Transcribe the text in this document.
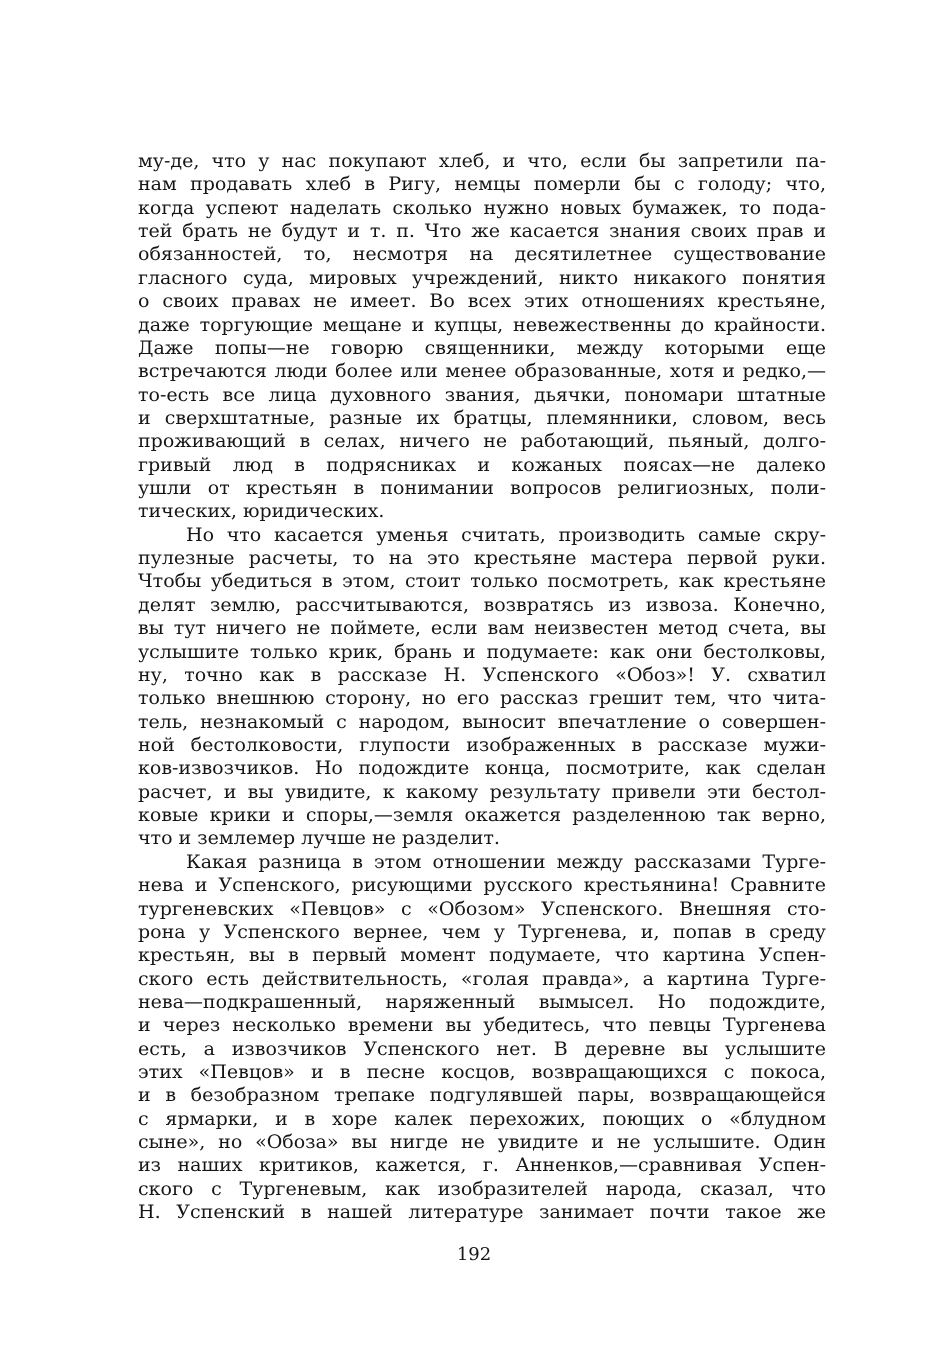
му-де, что у нас покупают хлеб, и что, если бы запретили па-
нам продавать хлеб в Ригу, немцы померли бы с голоду; что,
когда успеют наделать сколько нужно новых бумажек, то пода-
тей брать не будут и т. п. Что же касается знания своих прав и
обязанностей, то, несмотря на десятилетнее существование
гласного суда, мировых учреждений, никто никакого понятия
о своих правах не имеет. Во всех этих отношениях крестьяне,
даже торгующие мещане и купцы, невежественны до крайности.
Даже попы—не говорю священники, между которыми еще
встречаются люди более или менее образованные, хотя и редко,—
то-есть все лица духовного звания, дьячки, пономари штатные
и сверхштатные, разные их братцы, племянники, словом, весь
проживающий в селах, ничего не работающий, пьяный, долго-
гривый люд в подрясниках и кожаных поясах—не далеко
ушли от крестьян в понимании вопросов религиозных, поли-
тических, юридических.
Но что касается уменья считать, производить самые скру-
пулезные расчеты, то на это крестьяне мастера первой руки.
Чтобы убедиться в этом, стоит только посмотреть, как крестьяне
делят землю, рассчитываются, возвратясь из извоза. Конечно,
вы тут ничего не поймете, если вам неизвестен метод счета, вы
услышите только крик, брань и подумаете: как они бестолковы,
ну, точно как в рассказе Н. Успенского «Обоз»! У. схватил
только внешнюю сторону, но его рассказ грешит тем, что чита-
тель, незнакомый с народом, выносит впечатление о совершен-
ной бестолковости, глупости изображенных в рассказе мужи-
ков-извозчиков. Но подождите конца, посмотрите, как сделан
расчет, и вы увидите, к какому результату привели эти бестол-
ковые крики и споры,—земля окажется разделенною так верно,
что и землемер лучше не разделит.
Какая разница в этом отношении между рассказами Турге-
нева и Успенского, рисующими русского крестьянина! Сравните
тургеневских «Певцов» с «Обозом» Успенского. Внешняя сто-
рона у Успенского вернее, чем у Тургенева, и, попав в среду
крестьян, вы в первый момент подумаете, что картина Успен-
ского есть действительность, «голая правда», а картина Турге-
нева—подкрашенный, наряженный вымысел. Но подождите,
и через несколько времени вы убедитесь, что певцы Тургенева
есть, а извозчиков Успенского нет. В деревне вы услышите
этих «Певцов» и в песне косцов, возвращающихся с покоса,
и в безобразном трепаке подгулявшей пары, возвращающейся
с ярмарки, и в хоре калек перехожих, поющих о «блудном
сыне», но «Обоза» вы нигде не увидите и не услышите. Один
из наших критиков, кажется, г. Анненков,—сравнивая Успен-
ского с Тургеневым, как изобразителей народа, сказал, что
Н. Успенский в нашей литературе занимает почти такое же
192
